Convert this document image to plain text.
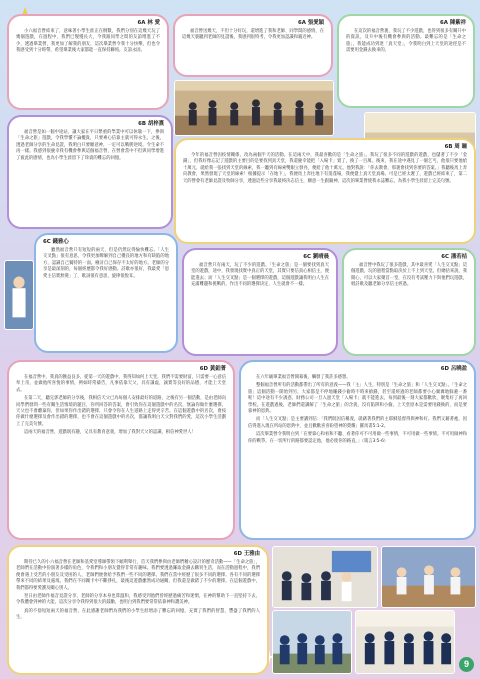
6A 林 愛

小六福音營結束了，意味著小學生涯正在倒數，我們分別在這幾天玩了幾個遊戲，在過程中，我們已慢慢長大，今我跟同學之間的友誼增進了不少，透過畢業營，我更加了解我的朋友，這次畢業營令我十分快樂，但也令我感受到十分時帶，希望畢業後大家都能一直保持聯絡，友誼永固。

6A 張愛穎

福音營送幾天，不但十分好玩，還增進了我和老師、同學間的感情，在這幾天裏聽到老師的見證後，我感到很特考，令我更加認識和親近神。

6A 陳紫祥

在這次的福音營裏，我玩了不少遊戲，也得到很多有關升中的資訊，及升中後有機會參與的活動。最難忘的是「生命之旅」，我能成功到達「真天堂」，令我明白到上天堂的途徑是不需要用金錢去換來的。

6B 胡梓熹

福音營是如一個中途站，讓大家在平日繁重的學業中可以休歇一下，參與「生命之旅」遊戲，令我學懂不論權貴，只要專心信靠主就可得永生。之後，透過老師分享的生命見證，我明白只要願意神，一定可以戰勝逆境。令生命不再一樣。我感到很慶幸我有機會參與這個福音營，在營會當中不但與同學增進了彼此的感情，也為小學生涯留下了珍貴的難忘的回憶。

6B 周 瞳

今年的福音營因疫情關係，改為兩個半天的活動。在這兩天中，我最喜歡的是「生命之旅」。我玩了很多不同的遊戲的遊戲，也儲著了不少「金錢」，但我好像忘記了遊戲的主要目的是要找到真天堂，我還慶幸能把「入場卡」賣了，換了一百萬。後來，我在途中遇見了一個乞丐，他很只要他給十萬元，就給我一張找到天堂的線索，我一聽到有線索雙眼立發亮，便給了他十萬元。他對我說：「你去教會，那裏會找到你要的答案。」我聽後馬上奔向教會，果然發現了天堂的線索！根據提示「在地下」，我便馬上奔往地下有蓬蓬場，我便覺上真天堂真場。可是已經太遲了，遊戲已經結束了，第二天的營會有老師見證及牧師分享，透過這些分享我最終決志信主，願意一生跟隨神。這次的畢業營使我永誌難忘，為我小學生涯留上完美句號。

6C 錢雅心

雖然福音營只有短短的兩天，但是仍然玩得愉快難忘。「人生交叉點」很有意思，令我更加瞭解到自己優良的地方和有缺陷的地方，認識自己獨特的一面。檢討自己保存不太好的地方。老師的分享是最深刻的，每個經歷都令我好感動。詩歌亦很好，我最愛「恩愛主信實無變」了，歌詞很有意思，旋律很悅耳。

6C 劉晴晨

福音營只有兩天，玩了不少的遊戲。「生命之旅」是一個要找到真天堂的遊戲，途中，我發現找實中真正的天堂，其實只要信真心相信主，便能進去；而「人生交叉點」是一個選擇的遊戲，這個遊戲讓我明白人生在充滿難題和挑戰的，作出不同的選擇決定，人生就會不一樣。

6C 潘若桔

福音營中我玩了很多遊戲，其中最喜愛「人生交叉點」這個遊戲，玩的過程當點取決於上不上到天堂。但總括來說，我開心，可以大家聚首一堂，在沒有考試壓力下與他們玩遊戲，唱詩歌及聽老師分享信主經過。

6D 黃鉑菁

在福音營中，我真的獲益良多，從第一天的遊戲中，我得知如何上天堂，我們不需要財富，只需要一心意信奉上帝，並做他所喜悅的事情，例如時常禱告，凡事依靠天父，具有謙虛，誠實等良好的品德，才能上天堂去。

在第二天，聽完郭老師的分享後，我相信天父已為每個人安排最好的道路，之後有另一個活動，是由老師向同學們發問一些有關生活情境的題目，你所回答的答案，會引致你在這個遊戲中的名次，無論你做什麼選擇，天父也不會離棄你，但如果你作出錯的選擇，只會令你在人生道路上走得更辛苦。在這個遊戲中的名次，會按你做什麼選擇及會作出錯的選擇，也不會在這個遊戲中的名次，都讓我明白天父對我們的愛，這次小學生活劃上了完美句號。

這兩天的福音營，遊戲既有趣，又具有教育意義，增加了我對天父的認識，相信神愛世人！

6D 呂曉盈

在六年級畢業福音營開幕後，觸發了我許多感想。

整個福音營所有的活動都帶出了所有的意義——我「主」人生，特別是「生命之旅」和「人生交叉點」。「生命之旅」這個活動一開始到另，大家都是不停地賺錢小偷時不時來搶錢，甚至還經過的老師都要小心翼翼地躲避一番呢！這中途有不少誘惑，財務公司一旦入過天堂「入場卡」就不能進去，每到最後一刻大家都歡欣，聚集好了再回學校。在遊戲過後，老師們還講解了「生命之旅」的含義，沒有陷阱和小偷。上天堂原本是需要用錢換的，而是要靠神的恩典。

而「人生交叉點」是主要講到信：「我們既因信稱義，就藉著我們的主耶穌基督得與神和好。我們又藉著祂，因信得進入現在所站的恩典中，並且歡歡喜喜盼望神的榮耀」羅馬書5:1-2。

這次畢業營令我明白到「在要靠心和看和不聽、看著你可不可用做一些事情，不可用做一些事情。不可用做神和你的戰爭。在一切所行的路都要認定他，他必使你的路直。」（箴言3:5-6）

6D 王雅由

期待已久的小六福音營在老師和基愛堂導師帶領下順利舉行，首天我們參與由老師們精心設計的歷奇活動——「生命之旅」，老師們在活動中扮演著多樣的角色，令我們和小朋友覺得非常有趣味。我們要透過賺取金錢去購買生活，而在活動過程中，我們便會遇上受苦的小朋友及受困的人，老師們便會給予我們一些不同的選擇。我們在當中經歷了很多不同的選擇。各有不同的選擇帶來不同的結果及處境。我們在不同關卡中不斷掙扎，最後這遊戲雖然成功通關，但我還是做錯了不少的選擇。在這個遊戲中，我們都得要愛護及關心別人。

翌日由老師作福音見證分享，老師的分享本身也算溫和，我感受到他們曾經歷過痛苦和迷惘，在神的幫助下一直堅持下去，令我體會到神的大能，這次分享令我得到很大的鼓勵，也明白到我們要常常依靠神和讚美神。

真的不捨短短兩天的福音營，在此感謝老師們為我們的小學生涯增添了難忘的回憶，充實了我們的智慧，豐盛了我們的人生。

9
